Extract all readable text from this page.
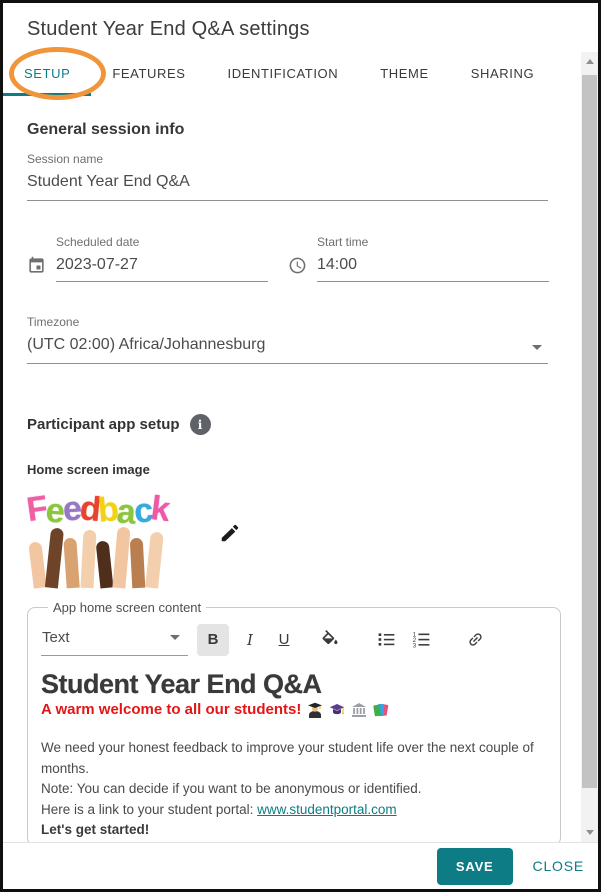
Student Year End Q&A settings
SETUP	FEATURES	IDENTIFICATION	THEME	SHARING
General session info
Session name
Student Year End Q&A
Scheduled date
2023-07-27
Start time
14:00
Timezone
(UTC 02:00) Africa/Johannesburg
Participant app setup	i
Home screen image
Feedback
App home screen content
Text	B	I	U	1
2
3
Student Year End Q&A
A warm welcome to all our students!

We need your honest feedback to improve your student life over the next couple of months.

Note: You can decide if you want to be anonymous or identified.

Here is a link to your student portal: www.studentportal.com

Let's get started!

SAVE	CLOSE
